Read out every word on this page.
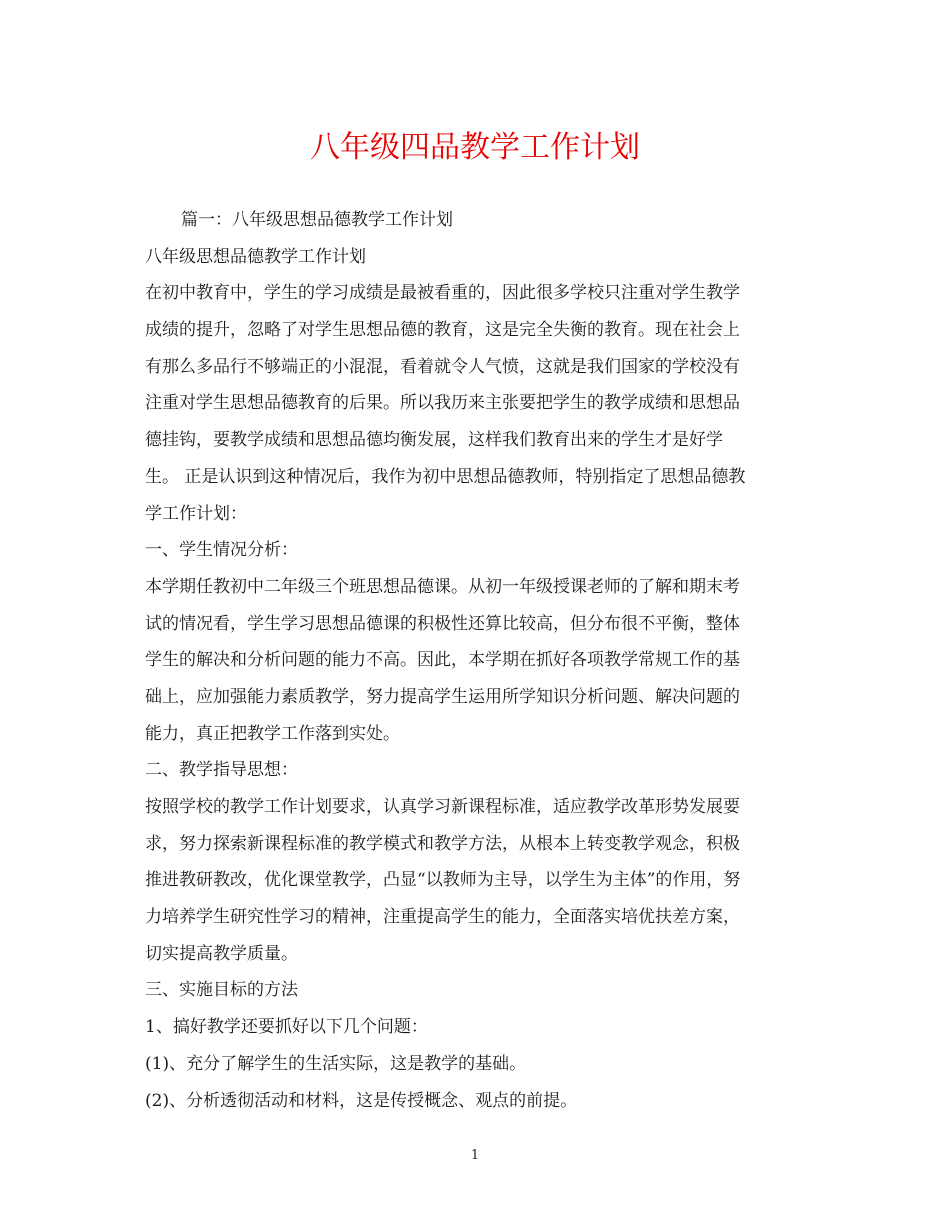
八年级四品教学工作计划

篇一：八年级思想品德教学工作计划

八年级思想品德教学工作计划

在初中教育中，学生的学习成绩是最被看重的，因此很多学校只注重对学生教学

成绩的提升，忽略了对学生思想品德的教育，这是完全失衡的教育。现在社会上

有那么多品行不够端正的小混混，看着就令人气愤，这就是我们国家的学校没有

注重对学生思想品德教育的后果。所以我历来主张要把学生的教学成绩和思想品

德挂钩，要教学成绩和思想品德均衡发展，这样我们教育出来的学生才是好学

生。 正是认识到这种情况后，我作为初中思想品德教师，特别指定了思想品德教

学工作计划：

一、学生情况分析：

本学期任教初中二年级三个班思想品德课。从初一年级授课老师的了解和期末考

试的情况看，学生学习思想品德课的积极性还算比较高，但分布很不平衡，整体

学生的解决和分析问题的能力不高。因此，本学期在抓好各项教学常规工作的基

础上，应加强能力素质教学，努力提高学生运用所学知识分析问题、解决问题的

能力，真正把教学工作落到实处。

二、教学指导思想：

按照学校的教学工作计划要求，认真学习新课程标准，适应教学改革形势发展要

求，努力探索新课程标准的教学模式和教学方法，从根本上转变教学观念，积极

推进教研教改，优化课堂教学，凸显“以教师为主导，以学生为主体”的作用，努

力培养学生研究性学习的精神，注重提高学生的能力，全面落实培优扶差方案，

切实提高教学质量。

三、实施目标的方法

1、搞好教学还要抓好以下几个问题：

(1)、充分了解学生的生活实际，这是教学的基础。

(2)、分析透彻活动和材料，这是传授概念、观点的前提。

1
